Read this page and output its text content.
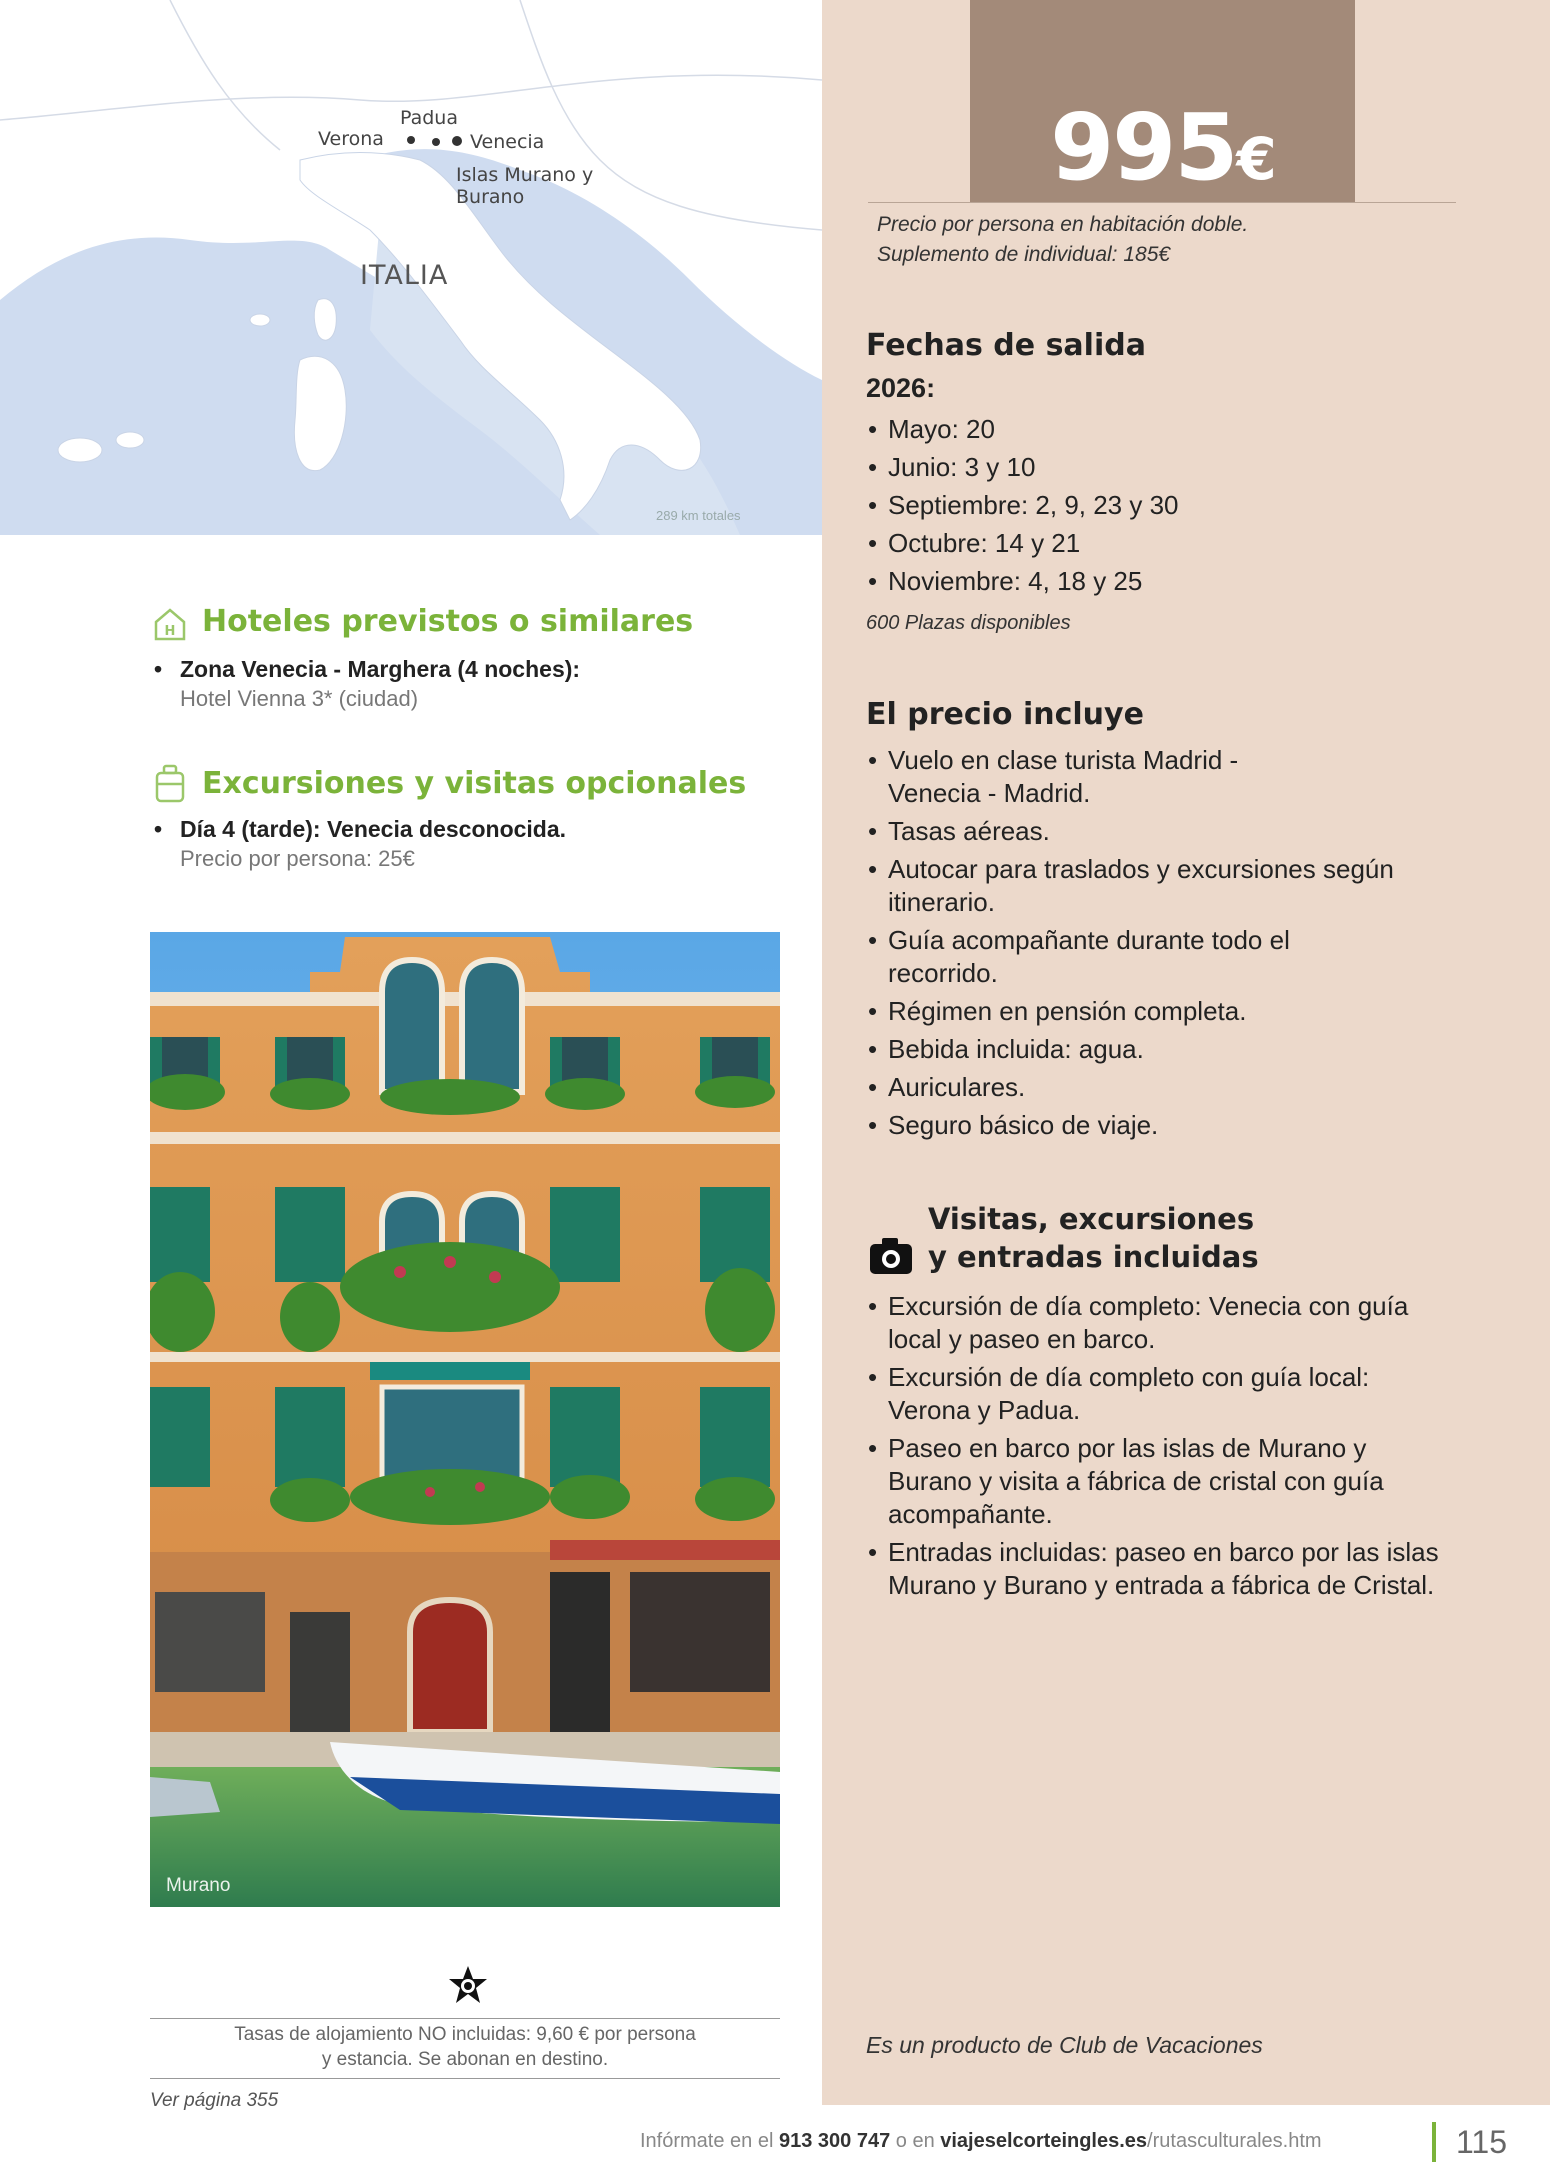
Padua
Verona	Venecia
Islas Murano y Burano
ITALIA
289 km totales
995€
Precio por persona en habitación doble.
Suplemento de individual: 185€
Fechas de salida
2026:
• Mayo: 20
• Junio: 3 y 10
• Septiembre: 2, 9, 23 y 30
• Octubre: 14 y 21
• Noviembre: 4, 18 y 25
600 Plazas disponibles
El precio incluye
• Vuelo en clase turista Madrid - Venecia - Madrid.
• Tasas aéreas.
• Autocar para traslados y excursiones según itinerario.
• Guía acompañante durante todo el recorrido.
• Régimen en pensión completa.
• Bebida incluida: agua.
• Auriculares.
• Seguro básico de viaje.
Visitas, excursiones
y entradas incluidas
• Excursión de día completo: Venecia con guía local y paseo en barco.
• Excursión de día completo con guía local: Verona y Padua.
• Paseo en barco por las islas de Murano y Burano y visita a fábrica de cristal con guía acompañante.
• Entradas incluidas: paseo en barco por las islas Murano y Burano y entrada a fábrica de Cristal.
Es un producto de Club de Vacaciones
H Hoteles previstos o similares
• Zona Venecia - Marghera (4 noches):
Hotel Vienna 3* (ciudad)
Excursiones y visitas opcionales
• Día 4 (tarde): Venecia desconocida.
Precio por persona: 25€
Murano
Tasas de alojamiento NO incluidas: 9,60 € por persona
y estancia. Se abonan en destino.
Ver página 355
Infórmate en el 913 300 747 o en viajeselcorteingles.es/rutasculturales.htm	115
